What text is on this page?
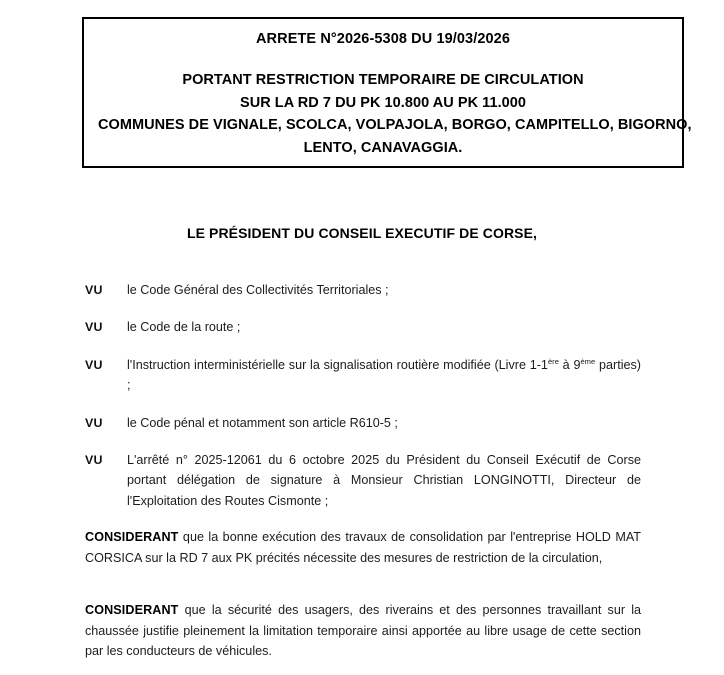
ARRETE N°2026-5308 DU 19/03/2026
PORTANT RESTRICTION TEMPORAIRE DE CIRCULATION
SUR LA RD 7 DU PK 10.800 AU PK 11.000
COMMUNES DE VIGNALE, SCOLCA, VOLPAJOLA, BORGO, CAMPITELLO, BIGORNO,
LENTO, CANAVAGGIA.
LE PRÉSIDENT DU CONSEIL EXECUTIF DE CORSE,
VU	le Code Général des Collectivités Territoriales ;
VU	le Code de la route ;
VU	l'Instruction interministérielle sur la signalisation routière modifiée (Livre 1-1ère à 9ème parties) ;
VU	le Code pénal et notamment son article R610-5 ;
VU	L'arrêté n° 2025-12061 du 6 octobre 2025 du Président du Conseil Exécutif de Corse portant délégation de signature à Monsieur Christian LONGINOTTI, Directeur de l'Exploitation des Routes Cismonte ;
CONSIDERANT que la bonne exécution des travaux de consolidation par l'entreprise HOLD MAT CORSICA sur la RD 7 aux PK précités nécessite des mesures de restriction de la circulation,
CONSIDERANT que la sécurité des usagers, des riverains et des personnes travaillant sur la chaussée justifie pleinement la limitation temporaire ainsi apportée au libre usage de cette section par les conducteurs de véhicules.
